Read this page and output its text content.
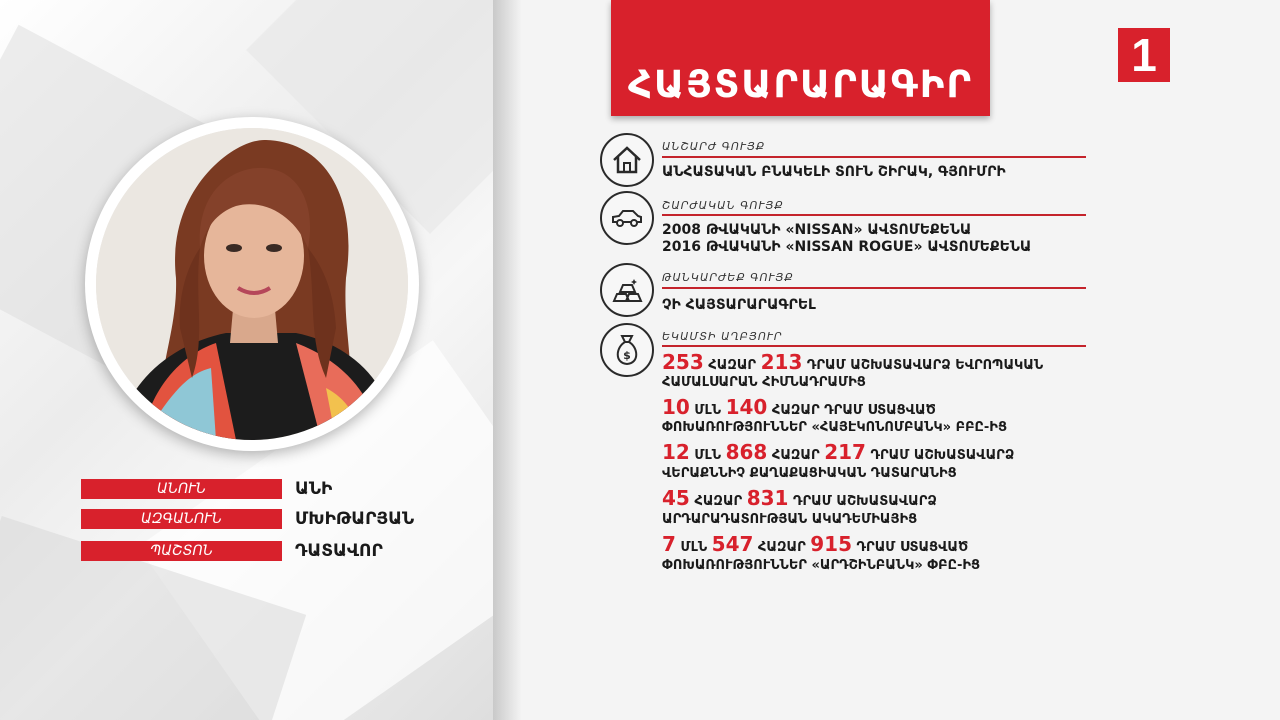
ՀԱՅՏԱՐԱՐԱԳԻՐ
1
ԱՆՇԱՐԺ ԳՈՒՅՔ
ԱՆՀԱՏԱԿԱՆ ԲՆԱԿԵԼԻ ՏՈՒՆ ՇԻՐԱԿ, ԳՅՈՒՄՐԻ
ՇԱՐԺԱԿԱՆ ԳՈՒՅՔ
2008 ԹՎԱԿԱՆԻ «NISSAN» ԱՎՏՈՄԵՔԵՆԱ
2016 ԹՎԱԿԱՆԻ «NISSAN ROGUE» ԱՎՏՈՄԵՔԵՆԱ
ԹԱՆԿԱՐԺԵՔ ԳՈՒՅՔ
ՉԻ ՀԱՅՏԱՐԱՐԱԳՐԵԼ
$
ԵԿԱՄՏԻ ԱՂԲՅՈՒՐ
253 ՀԱԶԱՐ 213 ԴՐԱՄ ԱՇԽԱՏԱՎԱՐՁ ԵՎՐՈՊԱԿԱՆ
ՀԱՄԱԼՍԱՐԱՆ ՀԻՄՆԱԴՐԱՄԻՑ
10 ՄԼՆ 140 ՀԱԶԱՐ ԴՐԱՄ ՍՏԱՑՎԱԾ
ՓՈԽԱՌՈՒԹՅՈՒՆՆԵՐ «ՀԱՅԷԿՈՆՈՄԲԱՆԿ» ԲԲԸ-ԻՑ
12 ՄԼՆ 868 ՀԱԶԱՐ 217 ԴՐԱՄ ԱՇԽԱՏԱՎԱՐՁ
ՎԵՐԱՔՆՆԻՉ ՔԱՂԱՔԱՑԻԱԿԱՆ ԴԱՏԱՐԱՆԻՑ
45 ՀԱԶԱՐ 831 ԴՐԱՄ ԱՇԽԱՏԱՎԱՐՁ
ԱՐԴԱՐԱԴԱՏՈՒԹՅԱՆ ԱԿԱԴԵՄԻԱՅԻՑ
7 ՄԼՆ 547 ՀԱԶԱՐ 915 ԴՐԱՄ ՍՏԱՑՎԱԾ
ՓՈԽԱՌՈՒԹՅՈՒՆՆԵՐ «ԱՐԴՇԻՆԲԱՆԿ» ՓԲԸ-ԻՑ
ԱՆՈՒՆ	ԱՆԻ
ԱԶԳԱՆՈՒՆ	ՄԽԻԹԱՐՅԱՆ
ՊԱՇՏՈՆ	ԴԱՏԱՎՈՐ
